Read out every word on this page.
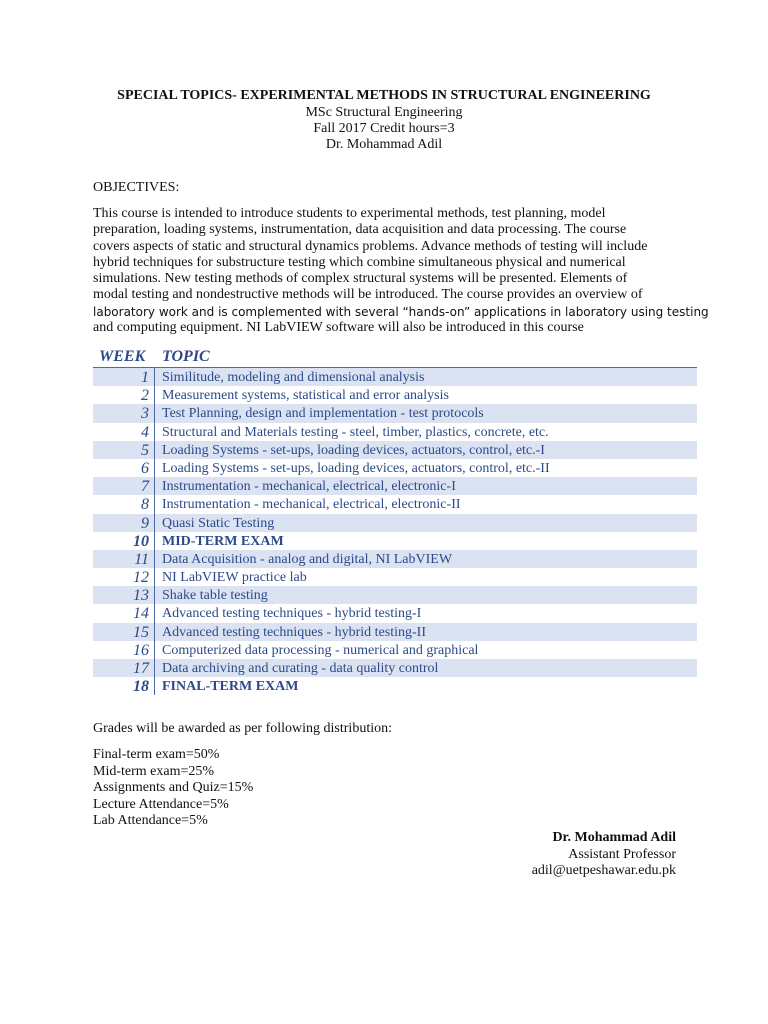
SPECIAL TOPICS- EXPERIMENTAL METHODS IN STRUCTURAL ENGINEERING
MSc Structural Engineering
Fall 2017 Credit hours=3
Dr. Mohammad Adil
OBJECTIVES:
This course is intended to introduce students to experimental methods, test planning, model
preparation, loading systems, instrumentation, data acquisition and data processing. The course
covers aspects of static and structural dynamics problems. Advance methods of testing will include
hybrid techniques for substructure testing which combine simultaneous physical and numerical
simulations. New testing methods of complex structural systems will be presented. Elements of
modal testing and nondestructive methods will be introduced. The course provides an overview of
laboratory work and is complemented with several “hands-on” applications in laboratory using testing
and computing equipment. NI LabVIEW software will also be introduced in this course
WEEK TOPIC
1 Similitude, modeling and dimensional analysis
2 Measurement systems, statistical and error analysis
3 Test Planning, design and implementation - test protocols
4 Structural and Materials testing - steel, timber, plastics, concrete, etc.
5 Loading Systems - set-ups, loading devices, actuators, control, etc.-I
6 Loading Systems - set-ups, loading devices, actuators, control, etc.-II
7 Instrumentation - mechanical, electrical, electronic-I
8 Instrumentation - mechanical, electrical, electronic-II
9 Quasi Static Testing
10 MID-TERM EXAM
11 Data Acquisition - analog and digital, NI LabVIEW
12 NI LabVIEW practice lab
13 Shake table testing
14 Advanced testing techniques - hybrid testing-I
15 Advanced testing techniques - hybrid testing-II
16 Computerized data processing - numerical and graphical
17 Data archiving and curating - data quality control
18 FINAL-TERM EXAM
Grades will be awarded as per following distribution:
Final-term exam=50%
Mid-term exam=25%
Assignments and Quiz=15%
Lecture Attendance=5%
Lab Attendance=5%
Dr. Mohammad Adil
Assistant Professor
adil@uetpeshawar.edu.pk
